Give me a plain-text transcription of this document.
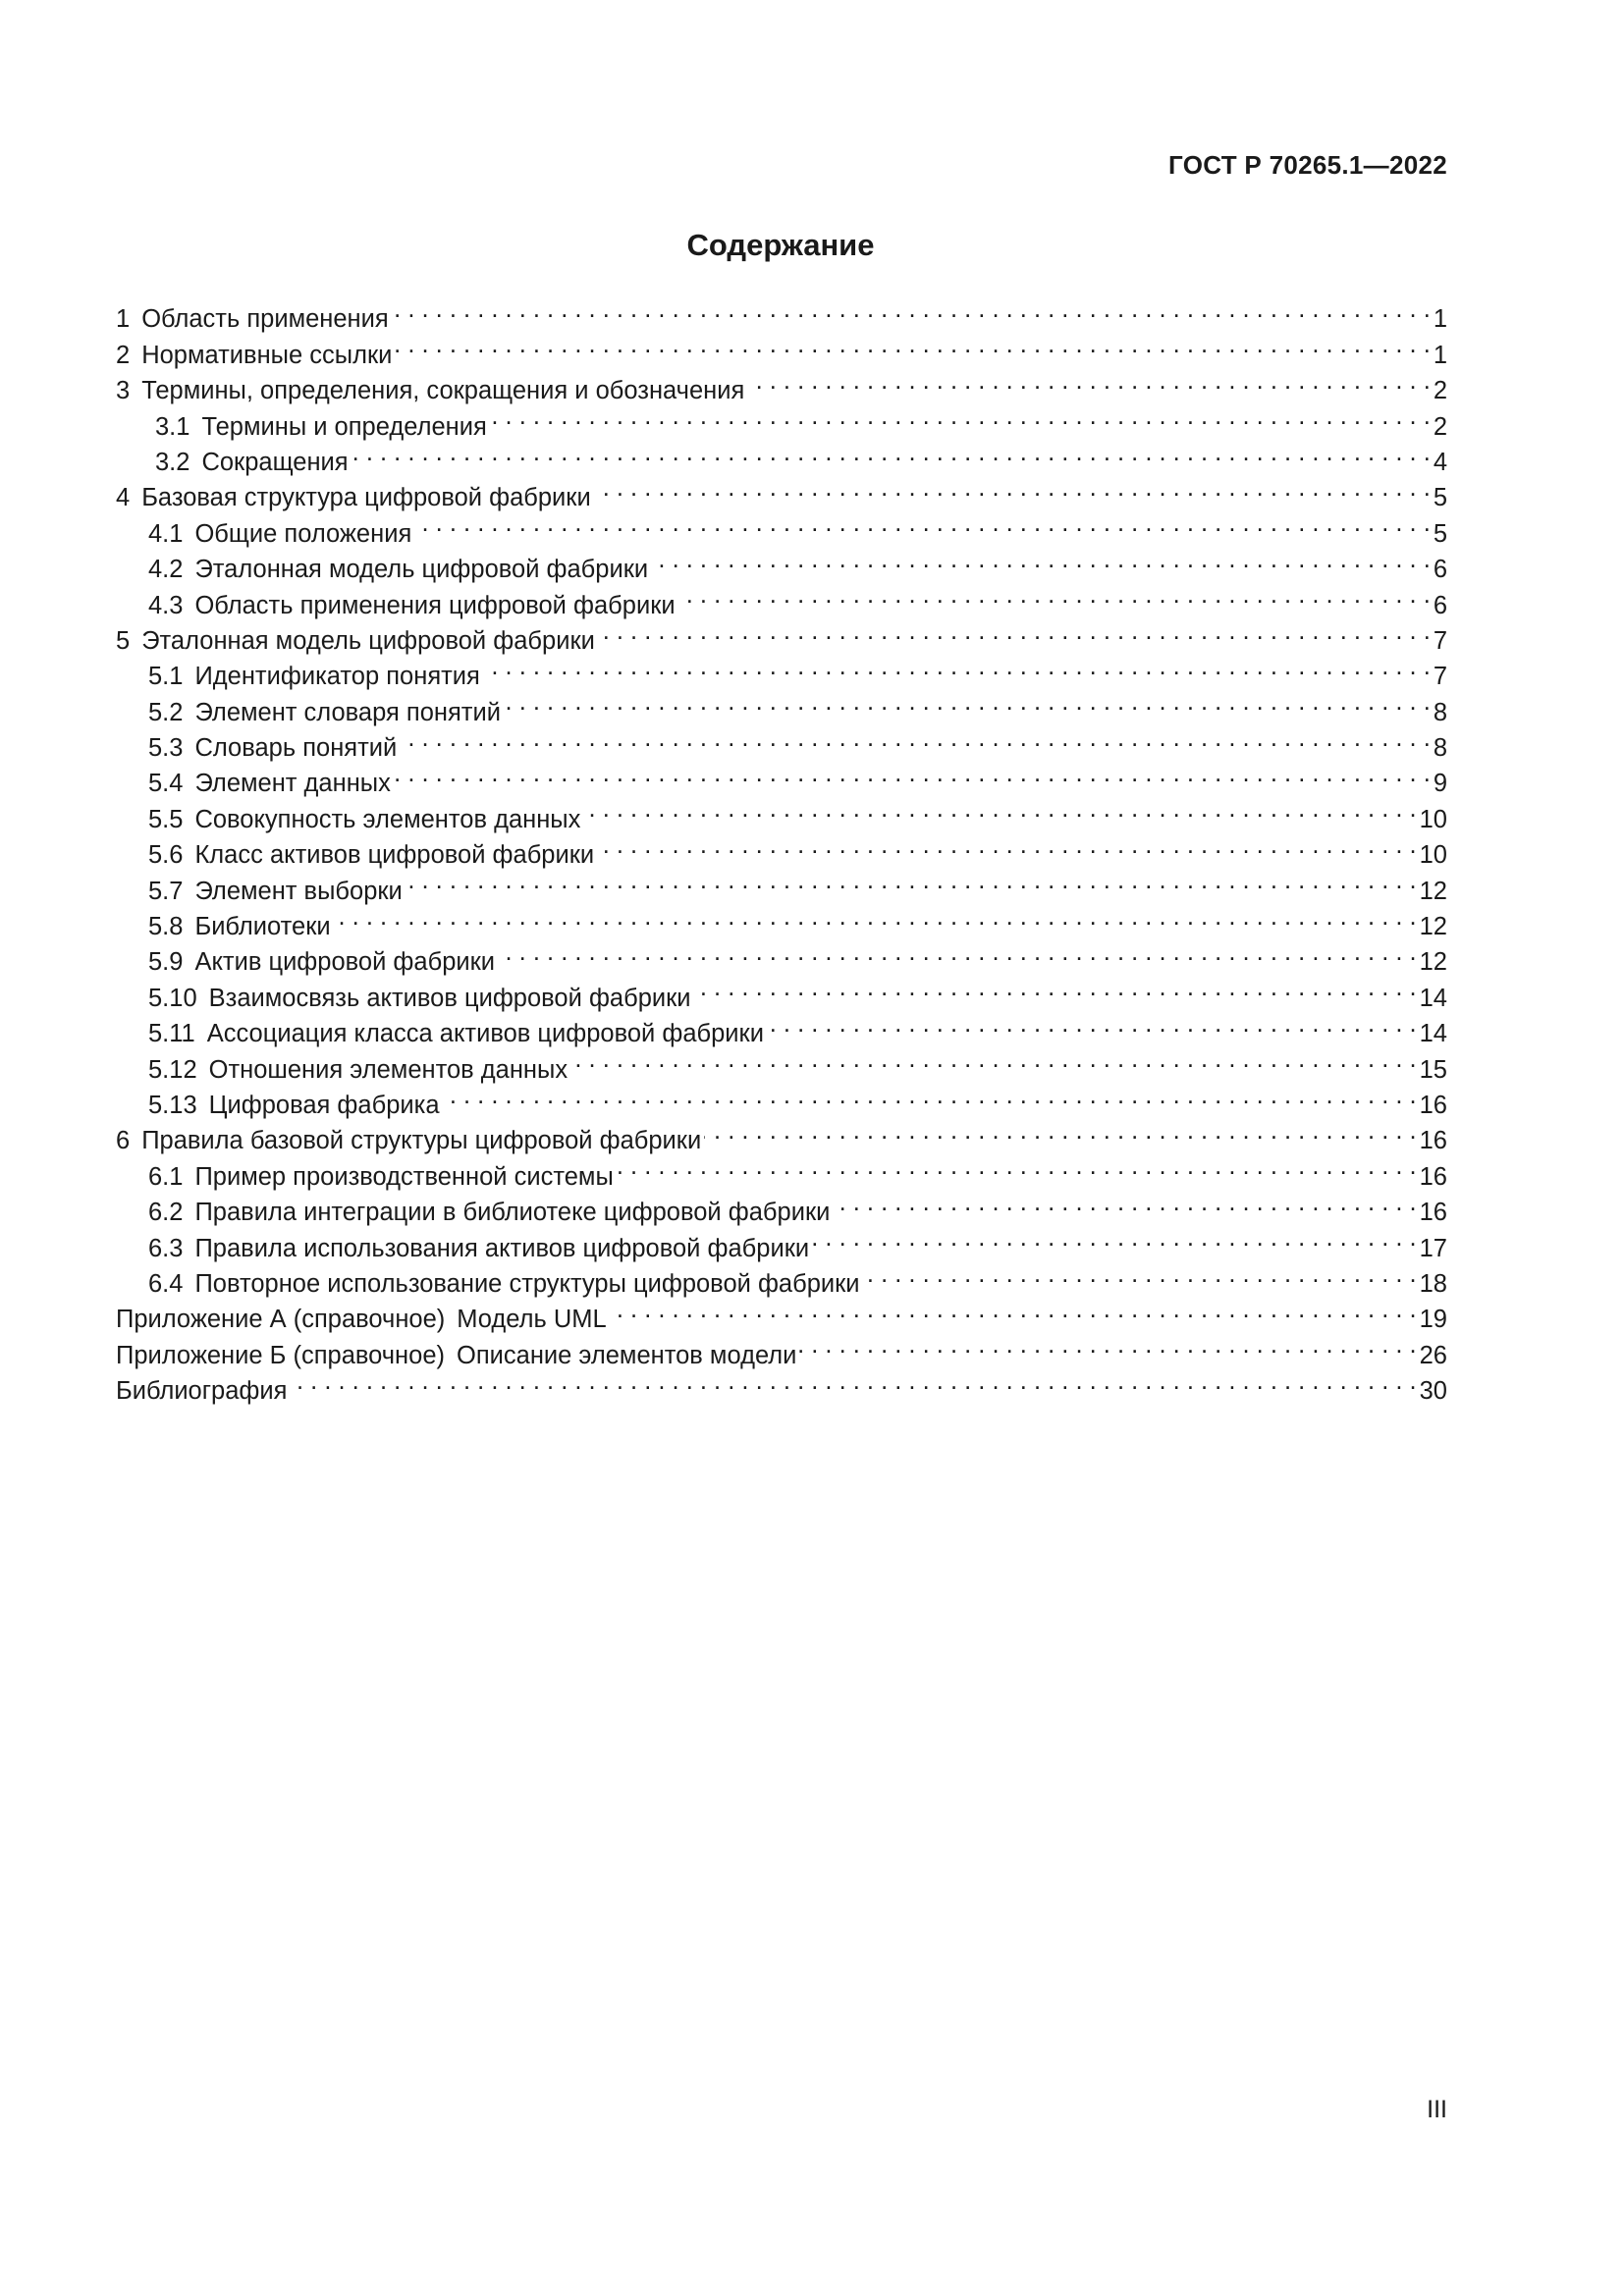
ГОСТ Р 70265.1—2022
Содержание
1 Область применения . . .	1
2 Нормативные ссылки . . .	1
3 Термины, определения, сокращения и обозначения . . .	2
3.1 Термины и определения . . .	2
3.2 Сокращения . . .	4
4 Базовая структура цифровой фабрики . . .	5
4.1 Общие положения . . .	5
4.2 Эталонная модель цифровой фабрики . . .	6
4.3 Область применения цифровой фабрики . . .	6
5 Эталонная модель цифровой фабрики . . .	7
5.1 Идентификатор понятия . . .	7
5.2 Элемент словаря понятий . . .	8
5.3 Словарь понятий . . .	8
5.4 Элемент данных . . .	9
5.5 Совокупность элементов данных . . .	10
5.6 Класс активов цифровой фабрики . . .	10
5.7 Элемент выборки . . .	12
5.8 Библиотеки . . .	12
5.9 Актив цифровой фабрики . . .	12
5.10 Взаимосвязь активов цифровой фабрики . . .	14
5.11 Ассоциация класса активов цифровой фабрики . . .	14
5.12 Отношения элементов данных . . .	15
5.13 Цифровая фабрика . . .	16
6 Правила базовой структуры цифровой фабрики . . .	16
6.1 Пример производственной системы . . .	16
6.2 Правила интеграции в библиотеке цифровой фабрики . . .	16
6.3 Правила использования активов цифровой фабрики . . .	17
6.4 Повторное использование структуры цифровой фабрики . . .	18
Приложение А (справочное) Модель UML . . .	19
Приложение Б (справочное) Описание элементов модели . . .	26
Библиография . . .	30
III
